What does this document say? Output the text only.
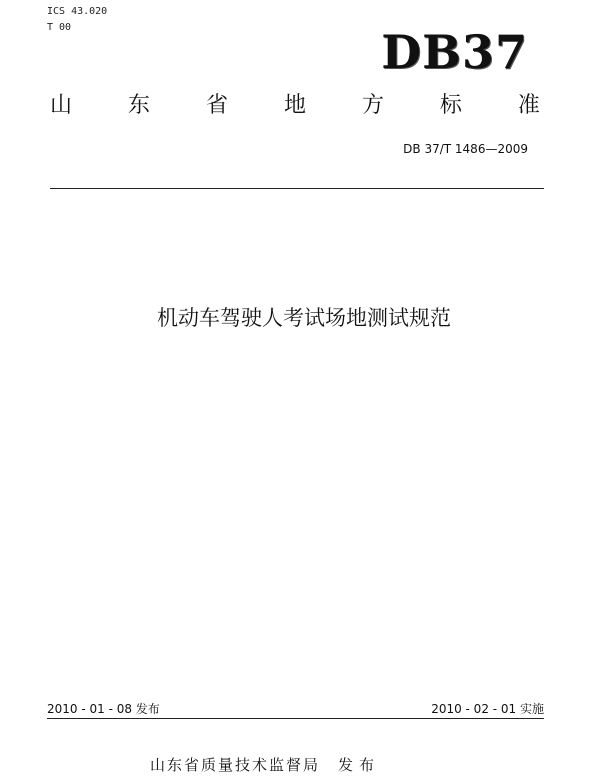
ICS 43.020
T 00	DB37
山	东	省	地	方	标	准
DB 37/T 1486—2009
机动车驾驶人考试场地测试规范
2010 - 01 - 08 发布	2010 - 02 - 01 实施
山东省质量技术监督局 发布
